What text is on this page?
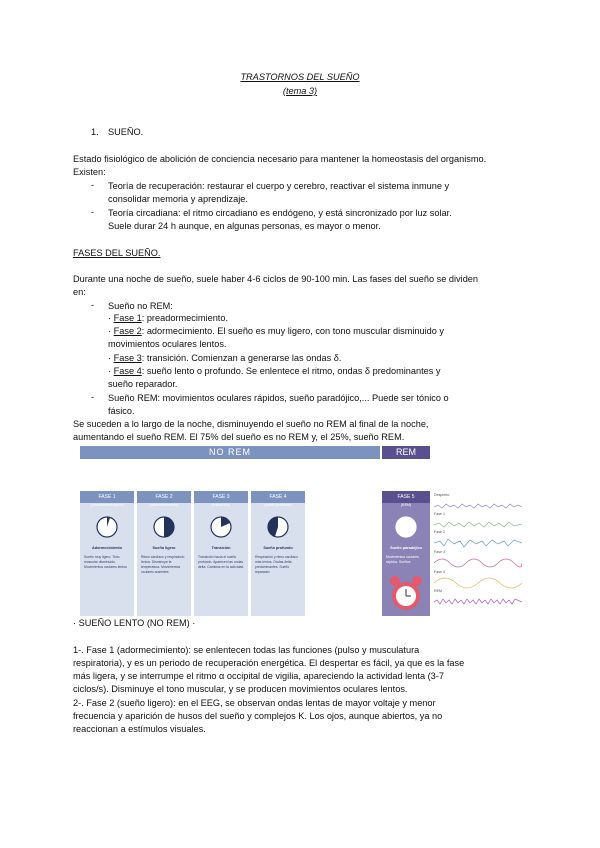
TRASTORNOS DEL SUEÑO
(tema 3)
1. SUEÑO.
Estado fisiológico de abolición de conciencia necesario para mantener la homeostasis del organismo.
Existen:
- Teoría de recuperación: restaurar el cuerpo y cerebro, reactivar el sistema inmune y
consolidar memoria y aprendizaje.
- Teoría circadiana: el ritmo circadiano es endógeno, y está sincronizado por luz solar.
Suele durar 24 h aunque, en algunas personas, es mayor o menor.
FASES DEL SUEÑO.
Durante una noche de sueño, suele haber 4-6 ciclos de 90-100 min. Las fases del sueño se dividen
en:
- Sueño no REM:
· Fase 1: preadormecimiento.
· Fase 2: adormecimiento. El sueño es muy ligero, con tono muscular disminuido y
movimientos oculares lentos.
· Fase 3: transición. Comienzan a generarse las ondas δ.
· Fase 4: sueño lento o profundo. Se enlentece el ritmo, ondas δ predominantes y
sueño reparador.
- Sueño REM: movimientos oculares rápidos, sueño paradójico,... Puede ser tónico o
fásico.
Se suceden a lo largo de la noche, disminuyendo el sueño no REM al final de la noche,
NO REM	REM
FASE 1
(preadormecimiento)
Adormecimiento
Sueño muy ligero. Tono muscular disminuido. Movimientos oculares lentos
FASE 2
(adormecimiento)
Sueño ligero
Ritmo cardíaco y respiratorio lentos. Disminuye la temperatura. Movimientos oculares ausentes
FASE 3
(transición)
Transición
Transición hacia el sueño profundo. Aparecen las ondas delta. Cambios en la actividad
FASE 4
(sueño profundo)
Sueño profundo
Respiración y ritmo cardíaco más lentos. Ondas delta predominantes. Sueño reparador
FASE 5
(REM)
Sueño paradójico
Movimientos oculares rápidos. Sueños
Despierto
Fase 1
Fase 2
Fase 3
Fase 4
REM
· SUEÑO LENTO (NO REM) ·
1-. Fase 1 (adormecimiento): se enlentecen todas las funciones (pulso y musculatura
respiratoria), y es un periodo de recuperación energética. El despertar es fácil, ya que es la fase
más ligera, y se interrumpe el ritmo α occipital de vigilia, apareciendo la actividad lenta (3-7
ciclos/s). Disminuye el tono muscular, y se producen movimientos oculares lentos.
2-. Fase 2 (sueño ligero): en el EEG, se observan ondas lentas de mayor voltaje y menor
frecuencia y aparición de husos del sueño y complejos K. Los ojos, aunque abiertos, ya no
reaccionan a estímulos visuales.
aumentando el sueño REM. El 75% del sueño es no REM y, el 25%, sueño REM.
